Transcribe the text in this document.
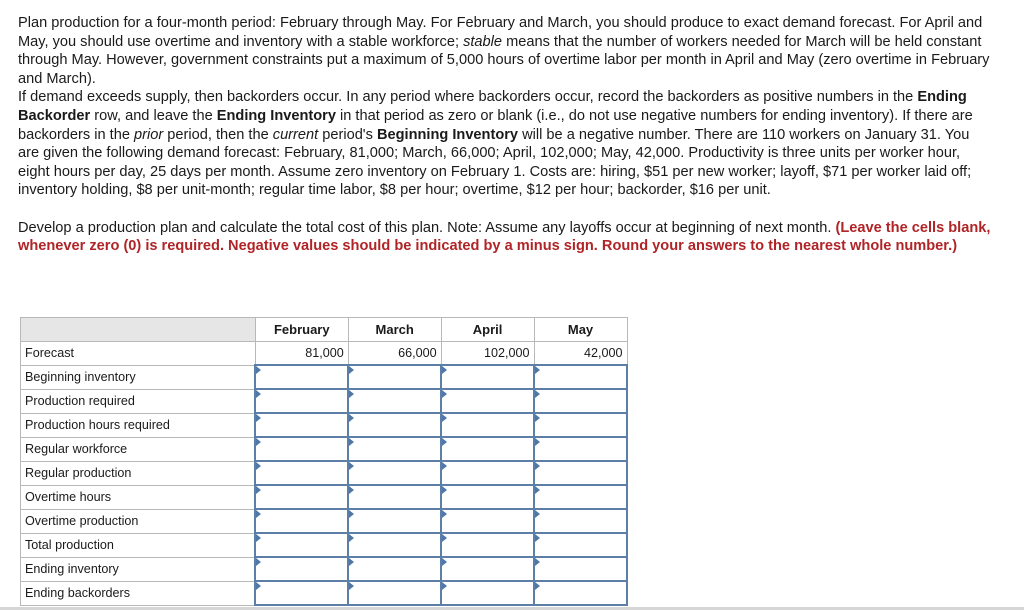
Plan production for a four-month period: February through May. For February and March, you should produce to exact demand forecast. For April and May, you should use overtime and inventory with a stable workforce; stable means that the number of workers needed for March will be held constant through May. However, government constraints put a maximum of 5,000 hours of overtime labor per month in April and May (zero overtime in February and March).

If demand exceeds supply, then backorders occur. In any period where backorders occur, record the backorders as positive numbers in the Ending Backorder row, and leave the Ending Inventory in that period as zero or blank (i.e., do not use negative numbers for ending inventory). If there are backorders in the prior period, then the current period's Beginning Inventory will be a negative number. There are 110 workers on January 31. You are given the following demand forecast: February, 81,000; March, 66,000; April, 102,000; May, 42,000. Productivity is three units per worker hour, eight hours per day, 25 days per month. Assume zero inventory on February 1. Costs are: hiring, $51 per new worker; layoff, $71 per worker laid off; inventory holding, $8 per unit-month; regular time labor, $8 per hour; overtime, $12 per hour; backorder, $16 per unit.

Develop a production plan and calculate the total cost of this plan. Note: Assume any layoffs occur at beginning of next month. (Leave the cells blank, whenever zero (0) is required. Negative values should be indicated by a minus sign. Round your answers to the nearest whole number.)

	February	March	April	May
Forecast	81,000	66,000	102,000	42,000
Beginning inventory				
Production required				
Production hours required				
Regular workforce				
Regular production				
Overtime hours				
Overtime production				
Total production				
Ending inventory				
Ending backorders				
